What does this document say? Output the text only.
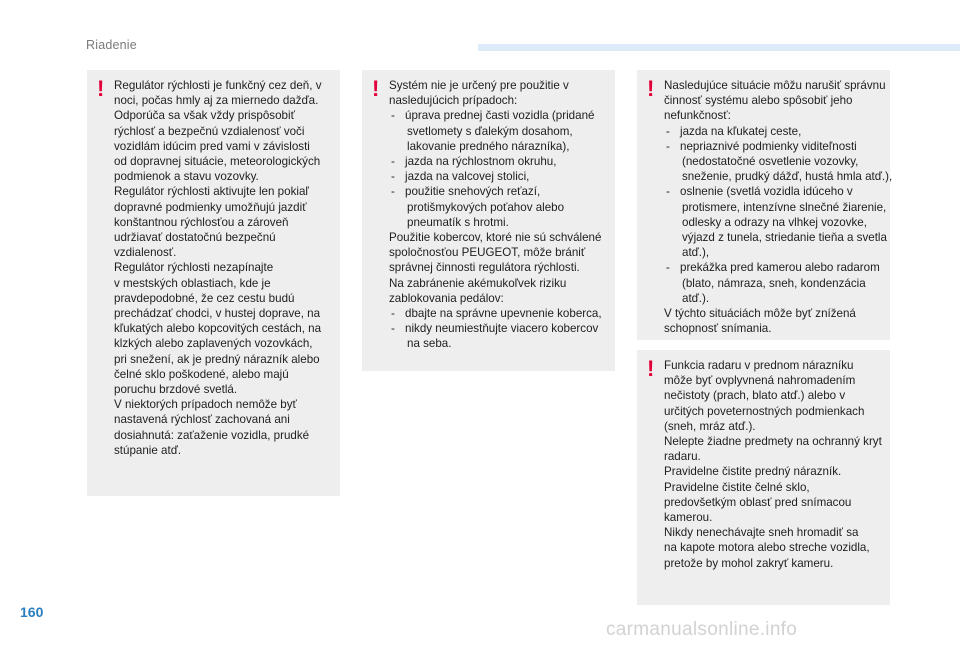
Riadenie
! Regulátor rýchlosti je funkčný cez deň, v
noci, počas hmly aj za miernedo dažďa.
Odporúča sa však vždy prispôsobiť
rýchlosť a bezpečnú vzdialenosť voči
vozidlám idúcim pred vami v závislosti
od dopravnej situácie, meteorologických
podmienok a stavu vozovky.
Regulátor rýchlosti aktivujte len pokiaľ
dopravné podmienky umožňujú jazdiť
konštantnou rýchlosťou a zároveň
udržiavať dostatočnú bezpečnú
vzdialenosť.
Regulátor rýchlosti nezapínajte
v mestských oblastiach, kde je
pravdepodobné, že cez cestu budú
prechádzať chodci, v hustej doprave, na
kľukatých alebo kopcovitých cestách, na
klzkých alebo zaplavených vozovkách,
pri snežení, ak je predný nárazník alebo
čelné sklo poškodené, alebo majú
poruchu brzdové svetlá.
V niektorých prípadoch nemôže byť
nastavená rýchlosť zachovaná ani
dosiahnutá: zaťaženie vozidla, prudké
stúpanie atď.
! Systém nie je určený pre použitie v
nasledujúcich prípadoch:
- úprava prednej časti vozidla (pridané
svetlomety s ďalekým dosahom,
lakovanie predného nárazníka),
- jazda na rýchlostnom okruhu,
- jazda na valcovej stolici,
- použitie snehových reťazí,
protišmykových poťahov alebo
pneumatík s hrotmi.
Použitie kobercov, ktoré nie sú schválené
spoločnosťou PEUGEOT, môže brániť
správnej činnosti regulátora rýchlosti.
Na zabránenie akémukoľvek riziku
zablokovania pedálov:
- dbajte na správne upevnenie koberca,
- nikdy neumiestňujte viacero kobercov
na seba.
! Nasledujúce situácie môžu narušiť správnu
činnosť systému alebo spôsobiť jeho
nefunkčnosť:
- jazda na kľukatej ceste,
- nepriaznivé podmienky viditeľnosti
(nedostatočné osvetlenie vozovky,
sneženie, prudký dážď, hustá hmla atď.),
- oslnenie (svetlá vozidla idúceho v
protismere, intenzívne slnečné žiarenie,
odlesky a odrazy na vlhkej vozovke,
výjazd z tunela, striedanie tieňa a svetla
atď.),
- prekážka pred kamerou alebo radarom
(blato, námraza, sneh, kondenzácia
atď.).
V týchto situáciách môže byť znížená
schopnosť snímania.
! Funkcia radaru v prednom nárazníku
môže byť ovplyvnená nahromadením
nečistoty (prach, blato atď.) alebo v
určitých poveternostných podmienkach
(sneh, mráz atď.).
Nelepte žiadne predmety na ochranný kryt
radaru.
Pravidelne čistite predný nárazník.
Pravidelne čistite čelné sklo,
predovšetkým oblasť pred snímacou
kamerou.
Nikdy nenechávajte sneh hromadiť sa
na kapote motora alebo streche vozidla,
pretože by mohol zakryť kameru.
160
carmanualsonline.info
